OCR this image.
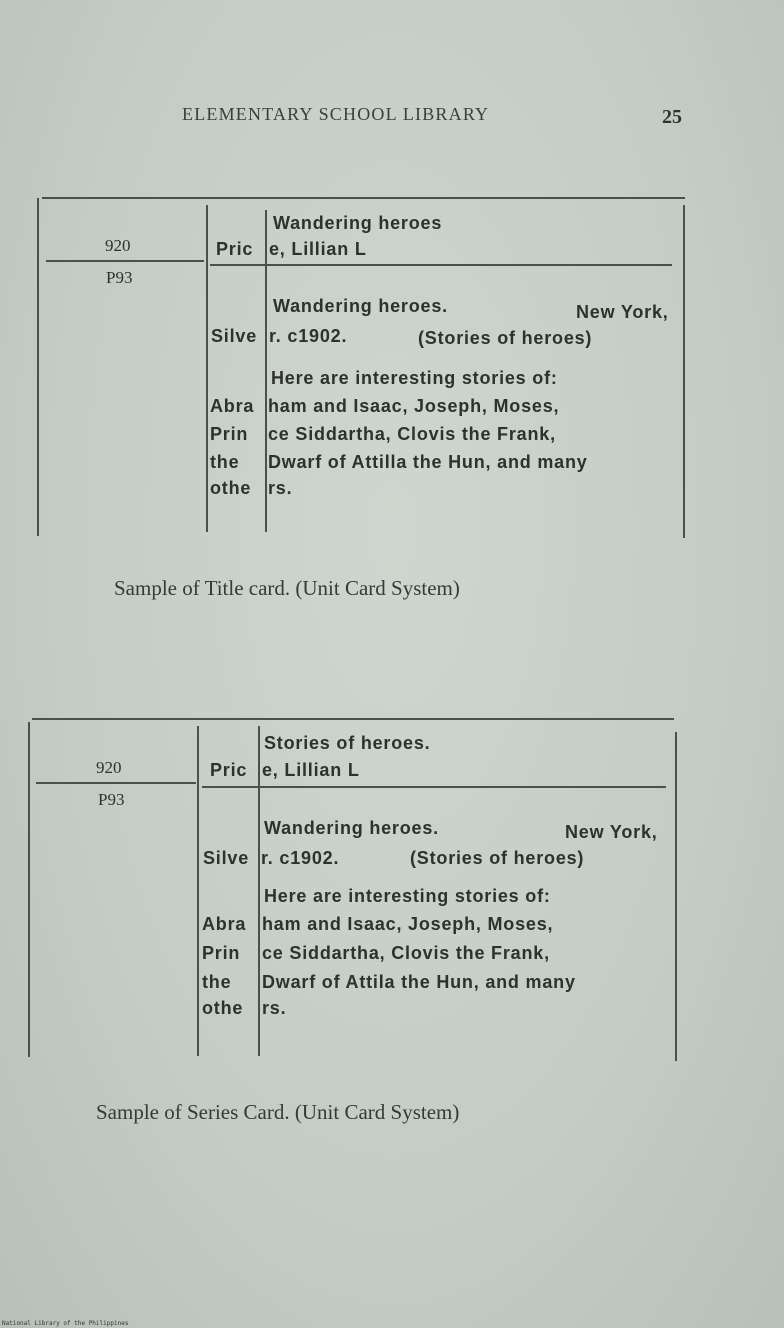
ELEMENTARY SCHOOL LIBRARY	25
920
P93
Wandering heroes
Pric e, Lillian L
Wandering heroes.	New York,
Silve r. c1902.	(Stories of heroes)
Here are interesting stories of:
Abra ham and Isaac, Joseph, Moses,
Prin ce Siddartha, Clovis the Frank,
the Dwarf of Attilla the Hun, and many
othe rs.
Sample of Title card. (Unit Card System)
920
P93
Stories of heroes.
Pric e, Lillian L
Wandering heroes.	New York,
Silve r. c1902.	(Stories of heroes)
Here are interesting stories of:
Abra ham and Isaac, Joseph, Moses,
Prin ce Siddartha, Clovis the Frank,
the Dwarf of Attila the Hun, and many
othe rs.
Sample of Series Card. (Unit Card System)
National Library of the Philippines
